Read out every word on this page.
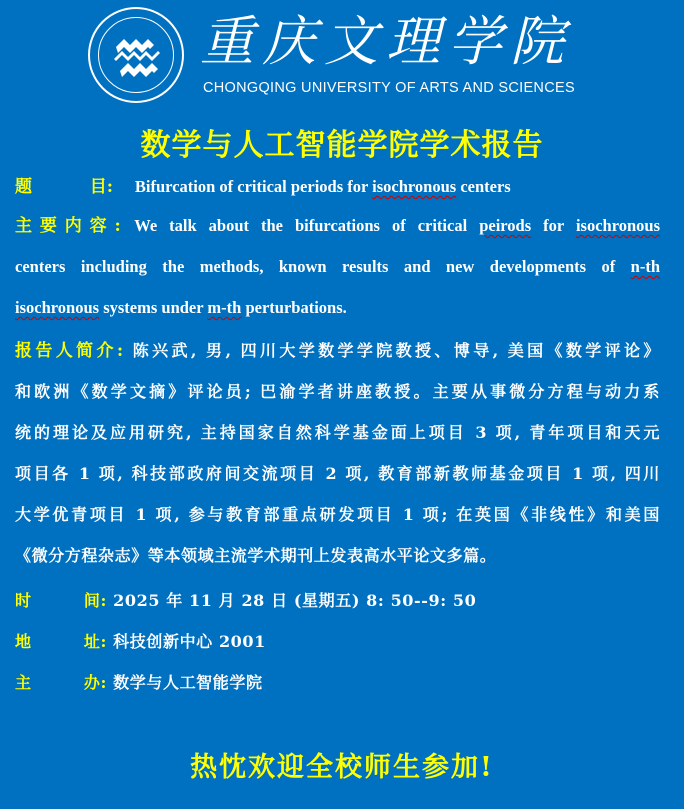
重庆文理学院
CHONGQING UNIVERSITY OF ARTS AND SCIENCES
数学与人工智能学院学术报告
题	目: Bifurcation of critical periods for isochronous centers
主要内容: We talk about the bifurcations of critical peirods for isochronous
centers including the methods, known results and new developments of n-th
isochronous systems under m-th perturbations.
报告人简介: 陈兴武, 男, 四川大学数学学院教授、博导, 美国《数学评论》
和欧洲《数学文摘》评论员; 巴渝学者讲座教授。主要从事微分方程与动力系
统的理论及应用研究, 主持国家自然科学基金面上项目 3 项, 青年项目和天元
项目各 1 项, 科技部政府间交流项目 2 项, 教育部新教师基金项目 1 项, 四川
大学优青项目 1 项, 参与教育部重点研发项目 1 项; 在英国《非线性》和美国
《微分方程杂志》等本领域主流学术期刊上发表高水平论文多篇。
时	间: 2025 年 11 月 28 日 (星期五) 8: 50--9: 50
地	址: 科技创新中心 2001
主	办: 数学与人工智能学院
热忱欢迎全校师生参加!
